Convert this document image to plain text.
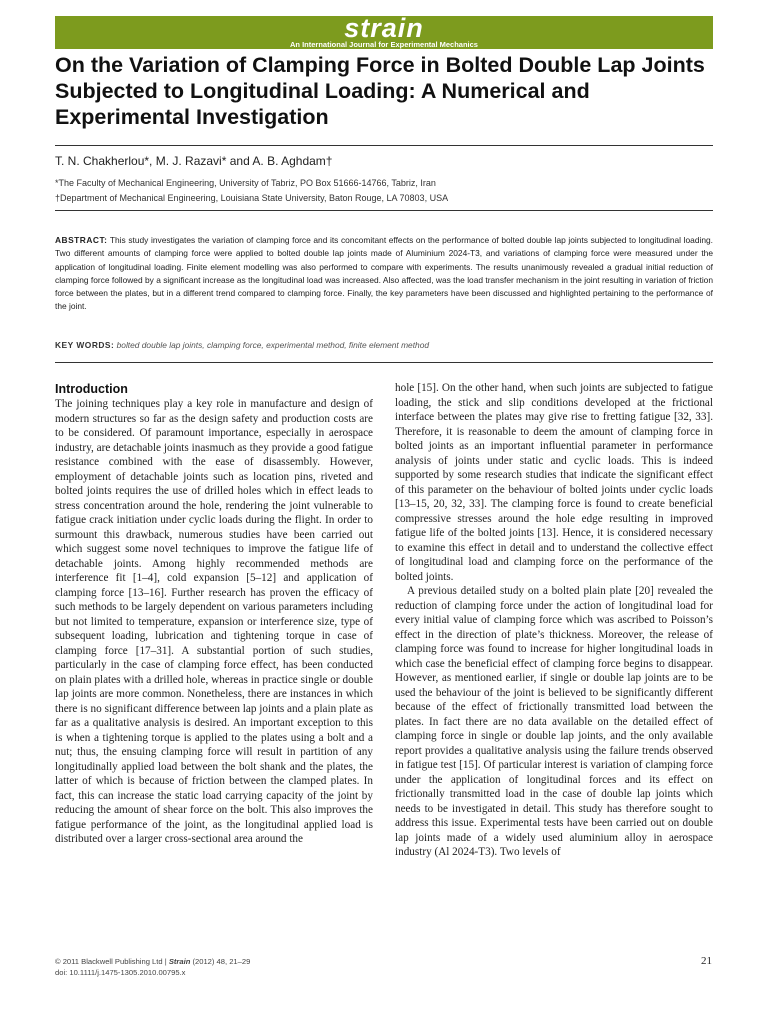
strain
An International Journal for Experimental Mechanics
On the Variation of Clamping Force in Bolted Double Lap Joints Subjected to Longitudinal Loading: A Numerical and Experimental Investigation
T. N. Chakherlou*, M. J. Razavi* and A. B. Aghdam†
*The Faculty of Mechanical Engineering, University of Tabriz, PO Box 51666-14766, Tabriz, Iran
†Department of Mechanical Engineering, Louisiana State University, Baton Rouge, LA 70803, USA
ABSTRACT: This study investigates the variation of clamping force and its concomitant effects on the performance of bolted double lap joints subjected to longitudinal loading. Two different amounts of clamping force were applied to bolted double lap joints made of Aluminium 2024-T3, and variations of clamping force were measured under the application of longitudinal loading. Finite element modelling was also performed to compare with experiments. The results unanimously revealed a gradual initial reduction of clamping force followed by a significant increase as the longitudinal load was increased. Also affected, was the load transfer mechanism in the joint resulting in variation of friction force between the plates, but in a different trend compared to clamping force. Finally, the key parameters have been discussed and highlighted pertaining to the performance of the joint.
KEY WORDS: bolted double lap joints, clamping force, experimental method, finite element method
Introduction

The joining techniques play a key role in manufacture and design of modern structures so far as the design safety and production costs are to be considered. Of paramount importance, especially in aerospace industry, are detachable joints inasmuch as they provide a good fatigue resistance combined with the ease of disassembly. However, employment of detachable joints such as location pins, riveted and bolted joints requires the use of drilled holes which in effect leads to stress concentration around the hole, rendering the joint vulnerable to fatigue crack initiation under cyclic loads during the flight. In order to surmount this drawback, numerous studies have been carried out which suggest some novel techniques to improve the fatigue life of detachable joints. Among highly recommended methods are interference fit [1–4], cold expansion [5–12] and application of clamping force [13–16]. Further research has proven the efficacy of such methods to be largely dependent on various parameters including but not limited to temperature, expansion or interference size, type of subsequent loading, lubrication and tightening torque in case of clamping force [17–31]. A substantial portion of such studies, particularly in the case of clamping force effect, has been conducted on plain plates with a drilled hole, whereas in practice single or double lap joints are more common. Nonetheless, there are instances in which there is no significant difference between lap joints and a plain plate as far as a qualitative analysis is desired. An important exception to this is when a tightening torque is applied to the plates using a bolt and a nut; thus, the ensuing clamping force will result in partition of any longitudinally applied load between the bolt shank and the plates, the latter of which is because of friction between the clamped plates. In fact, this can increase the static load carrying capacity of the joint by reducing the amount of shear force on the bolt. This also improves the fatigue performance of the joint, as the longitudinal applied load is distributed over a larger cross-sectional area around the

hole [15]. On the other hand, when such joints are subjected to fatigue loading, the stick and slip conditions developed at the frictional interface between the plates may give rise to fretting fatigue [32, 33]. Therefore, it is reasonable to deem the amount of clamping force in bolted joints as an important influential parameter in performance analysis of joints under static and cyclic loads. This is indeed supported by some research studies that indicate the significant effect of this parameter on the behaviour of bolted joints under cyclic loads [13–15, 20, 32, 33]. The clamping force is found to create beneficial compressive stresses around the hole edge resulting in improved fatigue life of the bolted joints [13]. Hence, it is considered necessary to examine this effect in detail and to understand the collective effect of longitudinal load and clamping force on the performance of the bolted joints.

A previous detailed study on a bolted plain plate [20] revealed the reduction of clamping force under the action of longitudinal load for every initial value of clamping force which was ascribed to Poisson’s effect in the direction of plate’s thickness. Moreover, the release of clamping force was found to increase for higher longitudinal loads in which case the beneficial effect of clamping force begins to disappear. However, as mentioned earlier, if single or double lap joints are to be used the behaviour of the joint is believed to be significantly different because of the effect of frictionally transmitted load between the plates. In fact there are no data available on the detailed effect of clamping force in single or double lap joints, and the only available report provides a qualitative analysis using the failure trends observed in fatigue test [15]. Of particular interest is variation of clamping force under the application of longitudinal forces and its effect on frictionally transmitted load in the case of double lap joints which needs to be investigated in detail. This study has therefore sought to address this issue. Experimental tests have been carried out on double lap joints made of a widely used aluminium alloy in aerospace industry (Al 2024-T3). Two levels of

© 2011 Blackwell Publishing Ltd | Strain (2012) 48, 21–29
doi: 10.1111/j.1475-1305.2010.00795.x
21
